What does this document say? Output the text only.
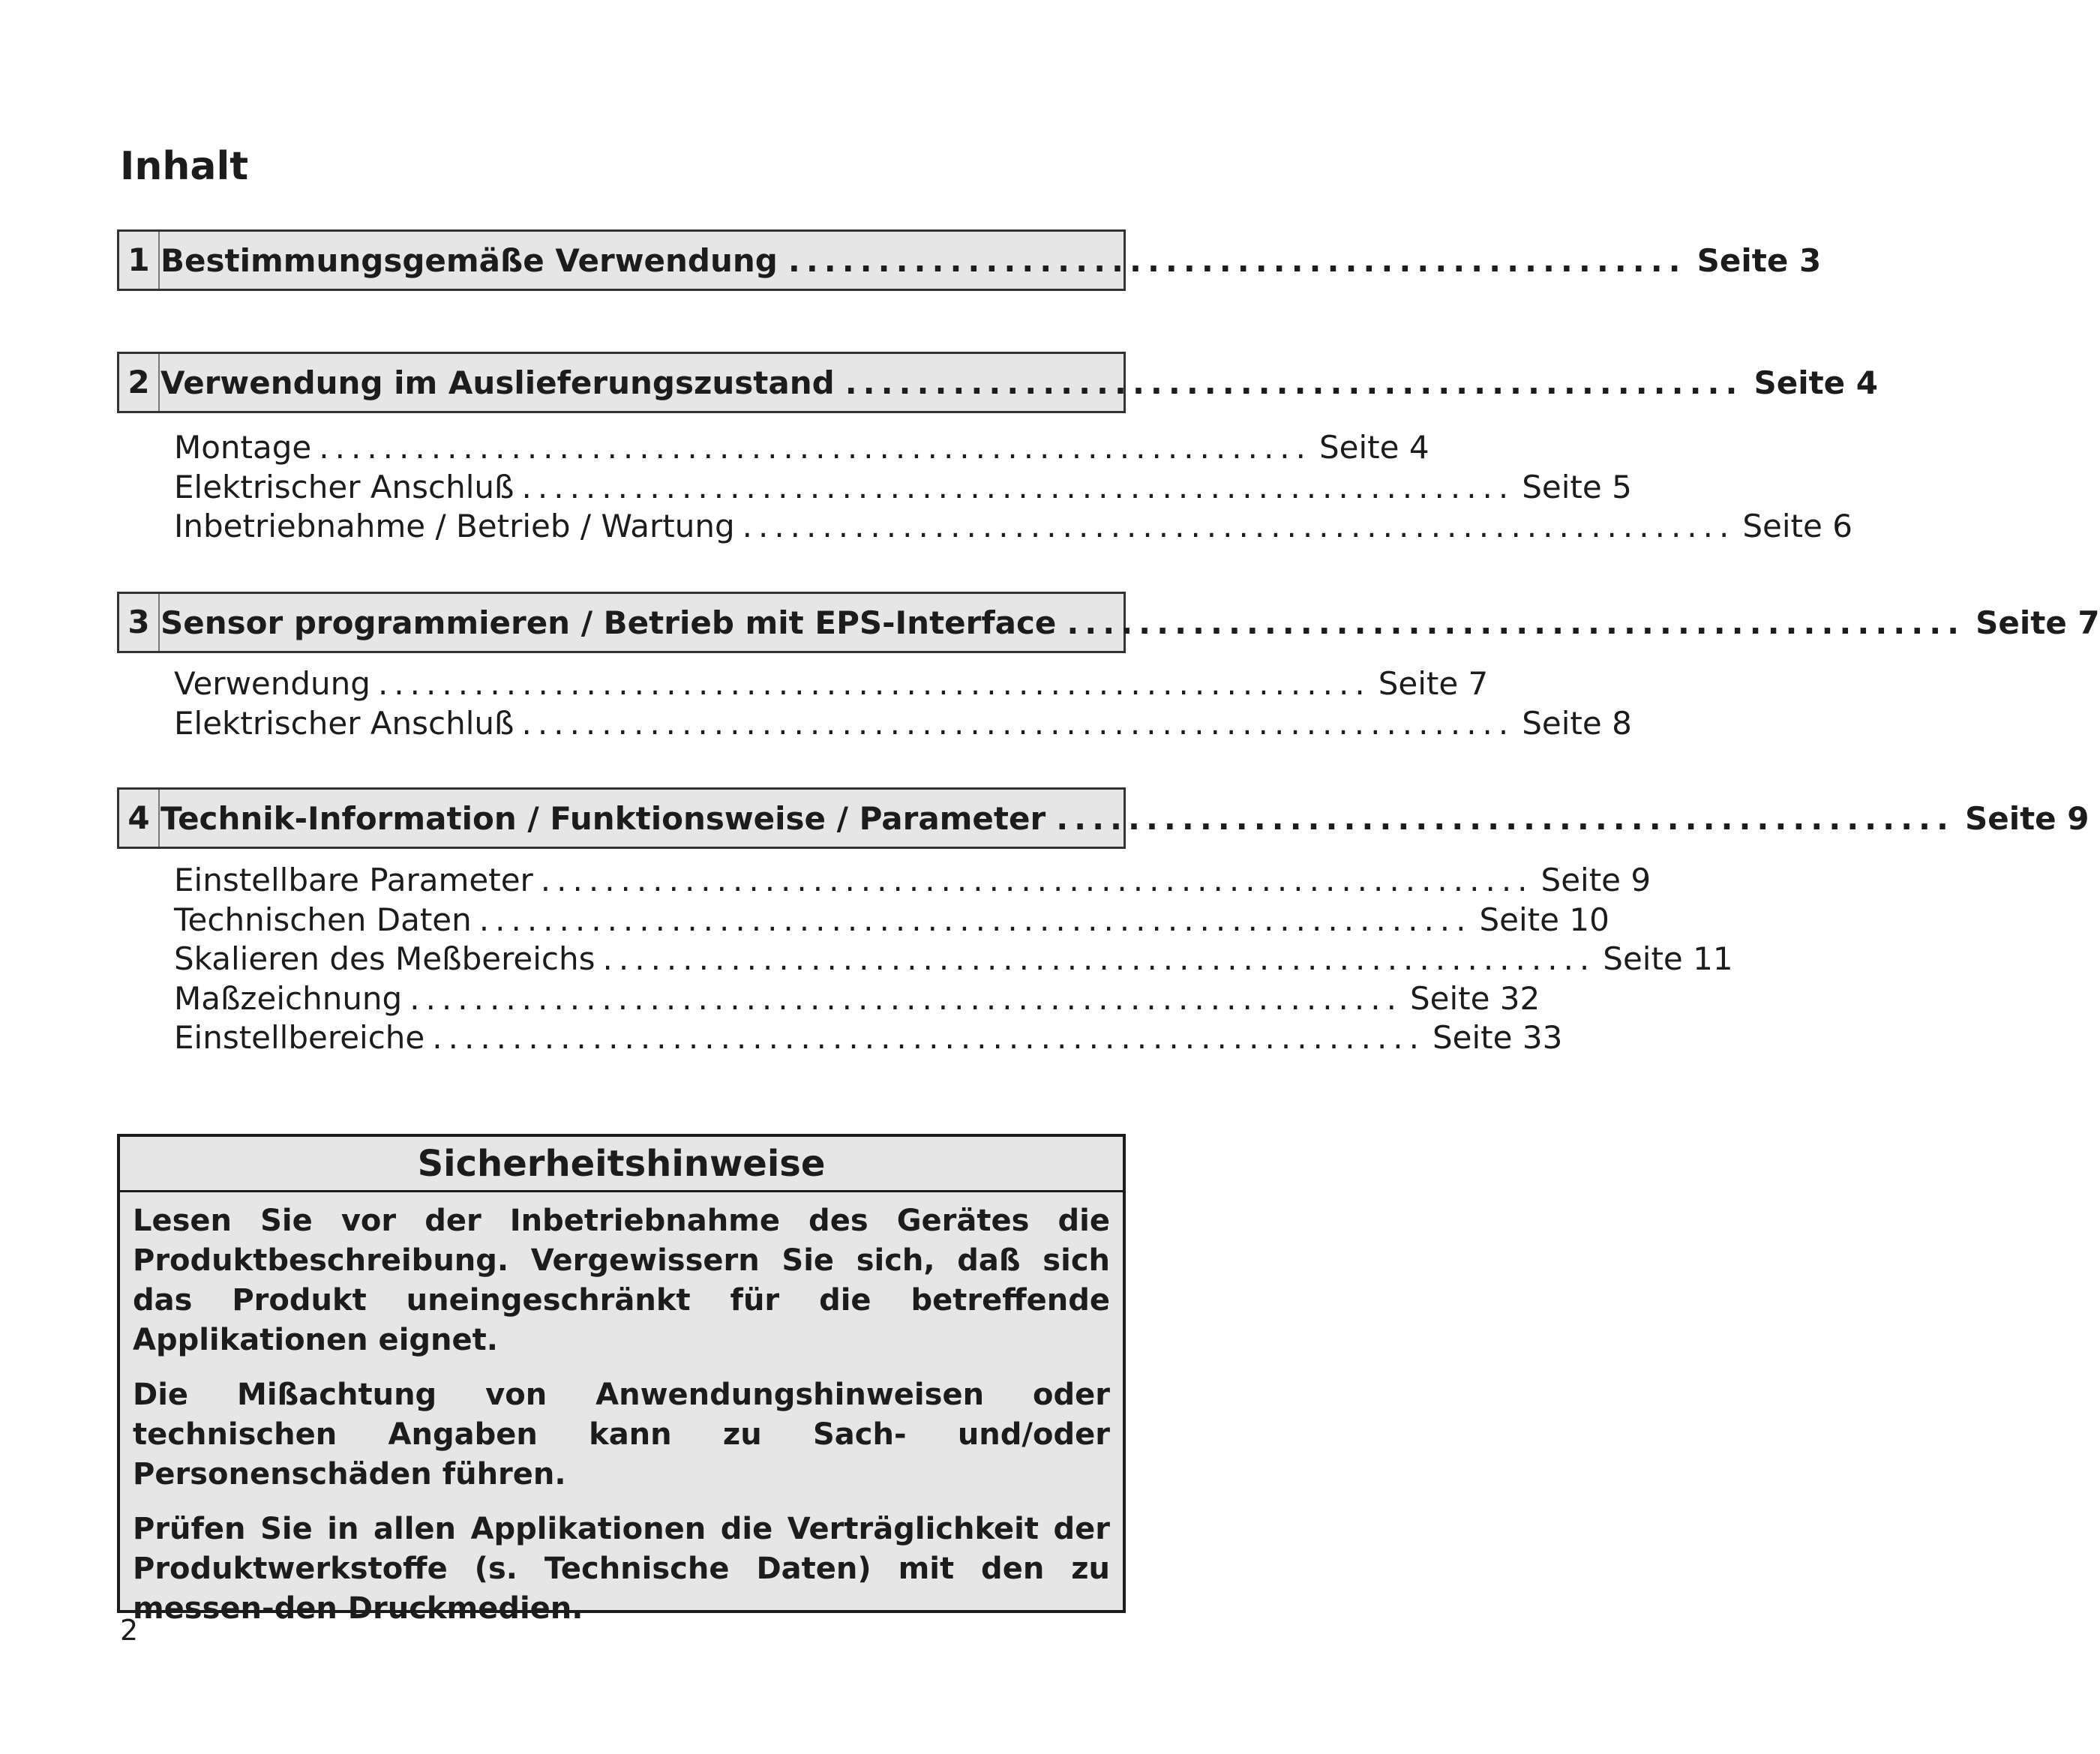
Inhalt
1 Bestimmungsgemäße Verwendung .................................................. Seite 3
2 Verwendung im Auslieferungszustand .................................................. Seite 4
Montage .............................................................. Seite 4
Elektrischer Anschluß .............................................................. Seite 5
Inbetriebnahme / Betrieb / Wartung .............................................................. Seite 6
3 Sensor programmieren / Betrieb mit EPS-Interface .................................................. Seite 7
Verwendung .............................................................. Seite 7
Elektrischer Anschluß .............................................................. Seite 8
4 Technik-Information / Funktionsweise / Parameter .................................................. Seite 9
Einstellbare Parameter .............................................................. Seite 9
Technischen Daten .............................................................. Seite 10
Skalieren des Meßbereichs .............................................................. Seite 11
Maßzeichnung .............................................................. Seite 32
Einstellbereiche .............................................................. Seite 33
Sicherheitshinweise

Lesen Sie vor der Inbetriebnahme des Gerätes die Produktbeschreibung. Vergewissern Sie sich, daß sich das Produkt uneingeschränkt für die betreffende Applikationen eignet.

Die Mißachtung von Anwendungshinweisen oder technischen Angaben kann zu Sach- und/oder Personenschäden führen.

Prüfen Sie in allen Applikationen die Verträglichkeit der Produktwerkstoffe (s. Technische Daten) mit den zu messen-den Druckmedien.

2
